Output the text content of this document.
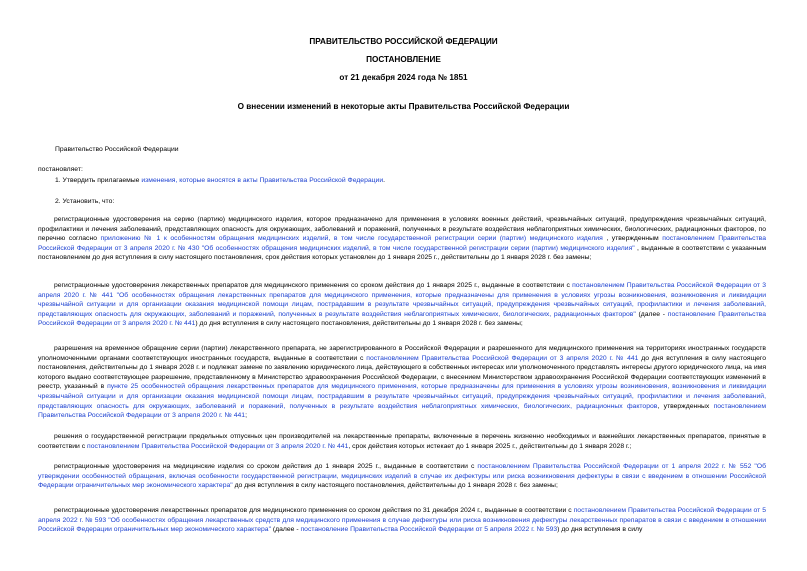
ПРАВИТЕЛЬСТВО РОССИЙСКОЙ ФЕДЕРАЦИИ
ПОСТАНОВЛЕНИЕ
от 21 декабря 2024 года № 1851
О внесении изменений в некоторые акты Правительства Российской Федерации
Правительство Российской Федерации
постановляет:
1. Утвердить прилагаемые изменения, которые вносятся в акты Правительства Российской Федерации.
2. Установить, что:
регистрационные удостоверения на серию (партию) медицинского изделия, которое предназначено для применения в условиях военных действий, чрезвычайных ситуаций, предупреждения чрезвычайных ситуаций, профилактики и лечения заболеваний, представляющих опасность для окружающих, заболеваний и поражений, полученных в результате воздействия неблагоприятных химических, биологических, радиационных факторов, по перечню согласно приложению № 1 к особенностям обращения медицинских изделий, в том числе государственной регистрации серии (партии) медицинского изделия , утвержденным постановлением Правительства Российской Федерации от 3 апреля 2020 г. № 430 "Об особенностях обращения медицинских изделий, в том числе государственной регистрации серии (партии) медицинского изделия" , выданные в соответствии с указанным постановлением до дня вступления в силу настоящего постановления, срок действия которых установлен до 1 января 2025 г., действительны до 1 января 2028 г. без замены;
регистрационные удостоверения лекарственных препаратов для медицинского применения со сроком действия до 1 января 2025 г., выданные в соответствии с постановлением Правительства Российской Федерации от 3 апреля 2020 г. № 441 "Об особенностях обращения лекарственных препаратов для медицинского применения, которые предназначены для применения в условиях угрозы возникновения, возникновения и ликвидации чрезвычайной ситуации и для организации оказания медицинской помощи лицам, пострадавшим в результате чрезвычайных ситуаций, предупреждения чрезвычайных ситуаций, профилактики и лечения заболеваний, представляющих опасность для окружающих, заболеваний и поражений, полученных в результате воздействия неблагоприятных химических, биологических, радиационных факторов" (далее - постановление Правительства Российской Федерации от 3 апреля 2020 г. № 441) до дня вступления в силу настоящего постановления, действительны до 1 января 2028 г. без замены;
разрешения на временное обращение серии (партии) лекарственного препарата, не зарегистрированного в Российской Федерации и разрешенного для медицинского применения на территориях иностранных государств уполномоченными органами соответствующих иностранных государств, выданные в соответствии с постановлением Правительства Российской Федерации от 3 апреля 2020 г. № 441 до дня вступления в силу настоящего постановления, действительны до 1 января 2028 г. и подлежат замене по заявлению юридического лица, действующего в собственных интересах или уполномоченного представлять интересы другого юридического лица, на имя которого выдано соответствующее разрешение, представленному в Министерство здравоохранения Российской Федерации, с внесением Министерством здравоохранения Российской Федерации соответствующих изменений в реестр, указанный в пункте 25 особенностей обращения лекарственных препаратов для медицинского применения, которые предназначены для применения в условиях угрозы возникновения, возникновения и ликвидации чрезвычайной ситуации и для организации оказания медицинской помощи лицам, пострадавшим в результате чрезвычайных ситуаций, предупреждения чрезвычайных ситуаций, профилактики и лечения заболеваний, представляющих опасность для окружающих, заболеваний и поражений, полученных в результате воздействия неблагоприятных химических, биологических, радиационных факторов, утвержденных постановлением Правительства Российской Федерации от 3 апреля 2020 г. № 441;
решения о государственной регистрации предельных отпускных цен производителей на лекарственные препараты, включенные в перечень жизненно необходимых и важнейших лекарственных препаратов, принятые в соответствии с постановлением Правительства Российской Федерации от 3 апреля 2020 г. № 441, срок действия которых истекает до 1 января 2025 г., действительны до 1 января 2028 г.;
регистрационные удостоверения на медицинские изделия со сроком действия до 1 января 2025 г., выданные в соответствии с постановлением Правительства Российской Федерации от 1 апреля 2022 г. № 552 "Об утверждении особенностей обращения, включая особенности государственной регистрации, медицинских изделий в случае их дефектуры или риска возникновения дефектуры в связи с введением в отношении Российской Федерации ограничительных мер экономического характера" до дня вступления в силу настоящего постановления, действительны до 1 января 2028 г. без замены;
регистрационные удостоверения лекарственных препаратов для медицинского применения со сроком действия по 31 декабря 2024 г., выданные в соответствии с постановлением Правительства Российской Федерации от 5 апреля 2022 г. № 593 "Об особенностях обращения лекарственных средств для медицинского применения в случае дефектуры или риска возникновения дефектуры лекарственных препаратов в связи с введением в отношении Российской Федерации ограничительных мер экономического характера" (далее - постановление Правительства Российской Федерации от 5 апреля 2022 г. № 593) до дня вступления в силу
